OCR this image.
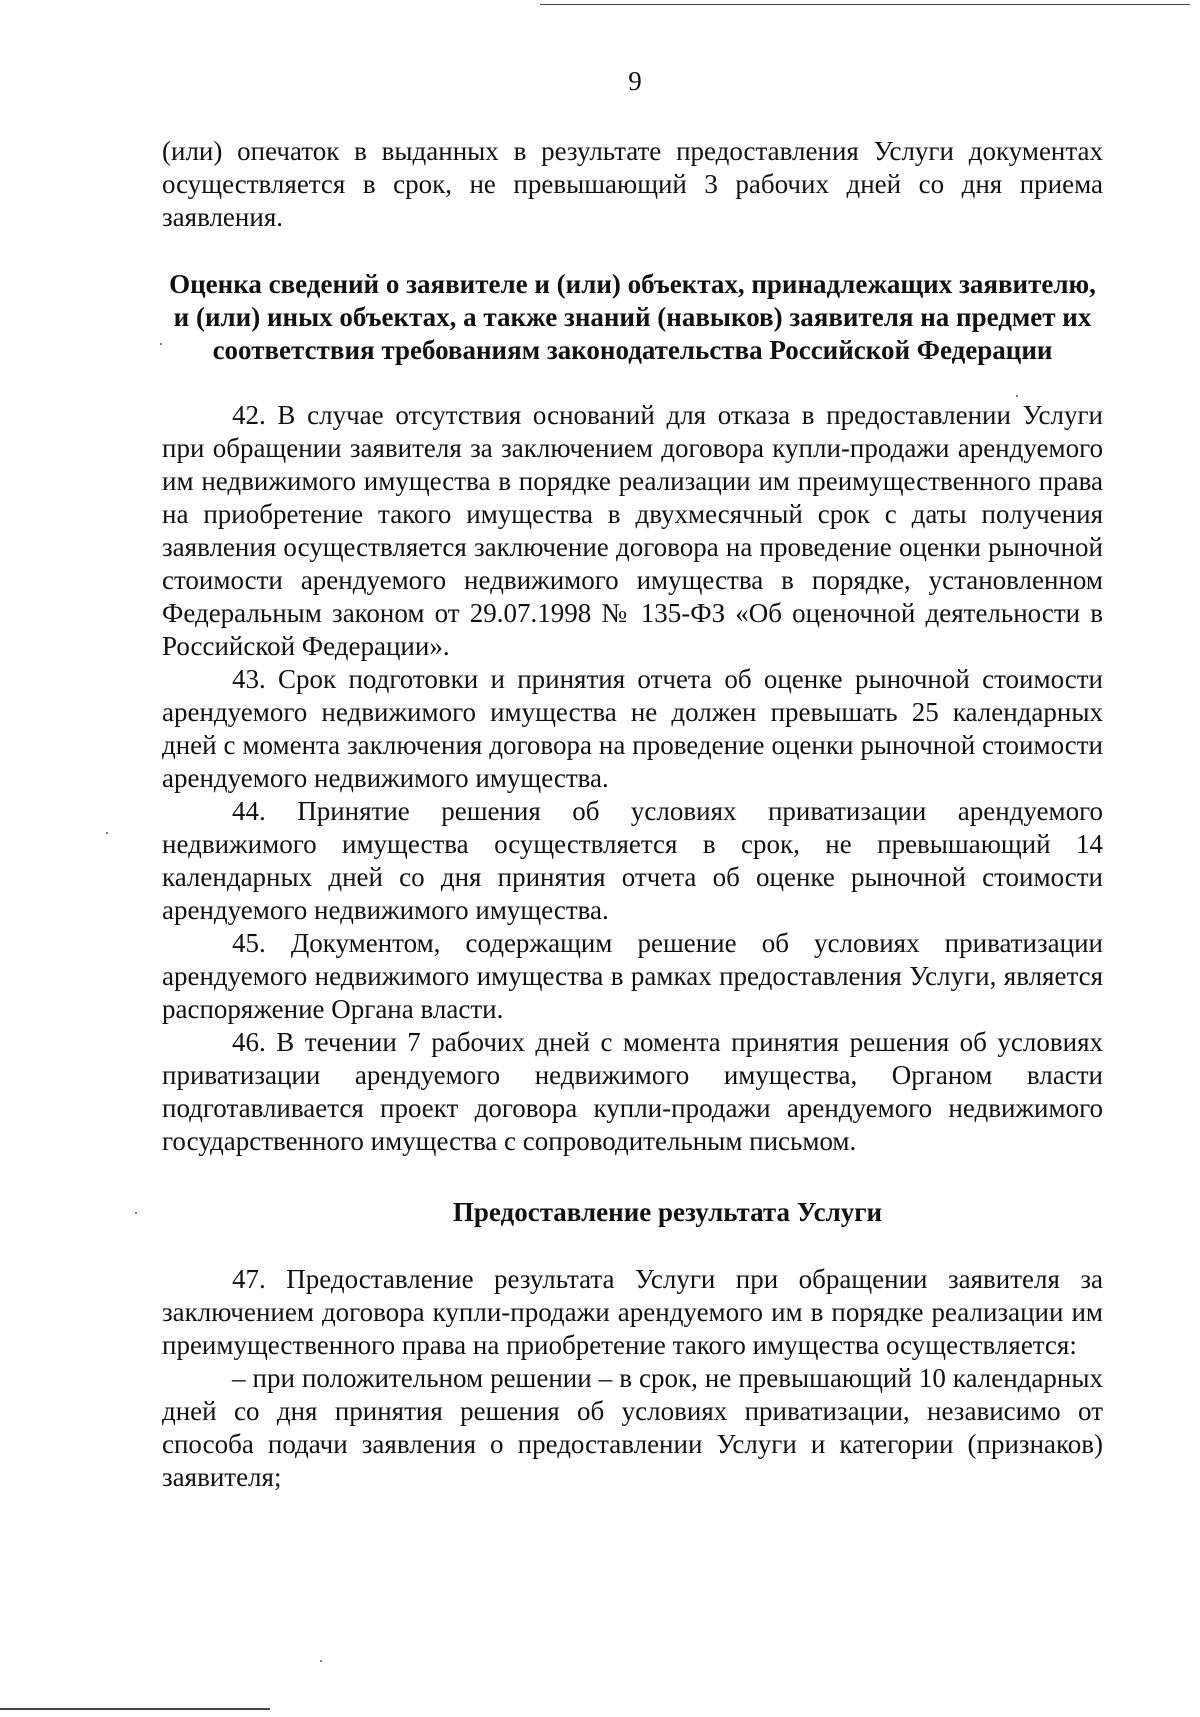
9

(или) опечаток в выданных в результате предоставления Услуги документах осуществляется в срок, не превышающий 3 рабочих дней со дня приема заявления.

Оценка сведений о заявителе и (или) объектах, принадлежащих заявителю, и (или) иных объектах, а также знаний (навыков) заявителя на предмет их соответствия требованиям законодательства Российской Федерации

42. В случае отсутствия оснований для отказа в предоставлении Услуги при обращении заявителя за заключением договора купли-продажи арендуемого им недвижимого имущества в порядке реализации им преимущественного права на приобретение такого имущества в двухмесячный срок с даты получения заявления осуществляется заключение договора на проведение оценки рыночной стоимости арендуемого недвижимого имущества в порядке, установленном Федеральным законом от 29.07.1998 № 135-ФЗ «Об оценочной деятельности в Российской Федерации».

43. Срок подготовки и принятия отчета об оценке рыночной стоимости арендуемого недвижимого имущества не должен превышать 25 календарных дней с момента заключения договора на проведение оценки рыночной стоимости арендуемого недвижимого имущества.

44. Принятие решения об условиях приватизации арендуемого недвижимого имущества осуществляется в срок, не превышающий 14 календарных дней со дня принятия отчета об оценке рыночной стоимости арендуемого недвижимого имущества.

45. Документом, содержащим решение об условиях приватизации арендуемого недвижимого имущества в рамках предоставления Услуги, является распоряжение Органа власти.

46. В течении 7 рабочих дней с момента принятия решения об условиях приватизации арендуемого недвижимого имущества, Органом власти подготавливается проект договора купли-продажи арендуемого недвижимого государственного имущества с сопроводительным письмом.

Предоставление результата Услуги

47. Предоставление результата Услуги при обращении заявителя за заключением договора купли-продажи арендуемого им в порядке реализации им преимущественного права на приобретение такого имущества осуществляется:

– при положительном решении – в срок, не превышающий 10 календарных дней со дня принятия решения об условиях приватизации, независимо от способа подачи заявления о предоставлении Услуги и категории (признаков) заявителя;
